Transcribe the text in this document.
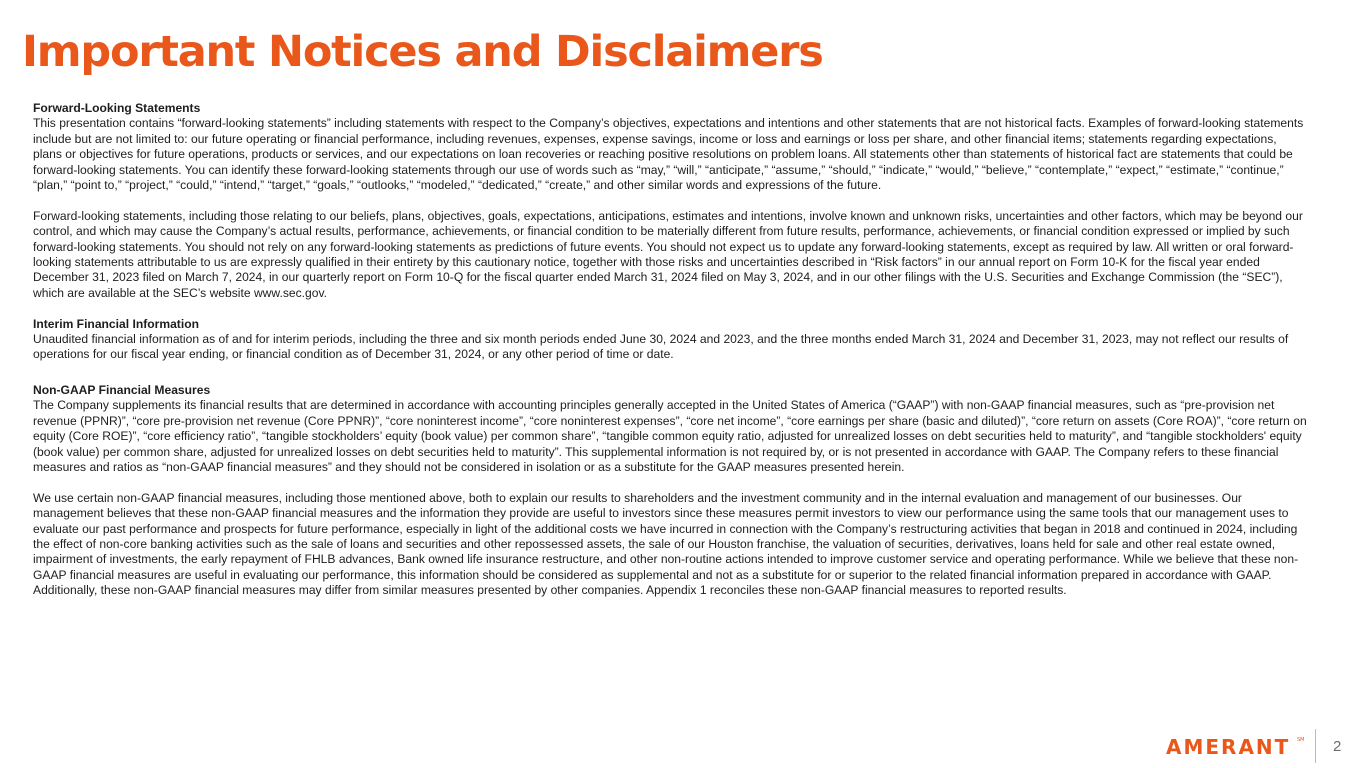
Important Notices and Disclaimers

Forward-Looking Statements

This presentation contains “forward-looking statements” including statements with respect to the Company’s objectives, expectations and intentions and other statements that are not historical facts. Examples of forward-looking statements include but are not limited to: our future operating or financial performance, including revenues, expenses, expense savings, income or loss and earnings or loss per share, and other financial items; statements regarding expectations, plans or objectives for future operations, products or services, and our expectations on loan recoveries or reaching positive resolutions on problem loans. All statements other than statements of historical fact are statements that could be forward-looking statements. You can identify these forward-looking statements through our use of words such as “may,” “will,” “anticipate,” “assume,” “should,” “indicate,” “would,” “believe,” “contemplate,” “expect,” “estimate,” “continue,” “plan,” “point to,” “project,” “could,” “intend,” “target,” “goals,” “outlooks,” “modeled,” “dedicated,” “create,” and other similar words and expressions of the future.

Forward-looking statements, including those relating to our beliefs, plans, objectives, goals, expectations, anticipations, estimates and intentions, involve known and unknown risks, uncertainties and other factors, which may be beyond our control, and which may cause the Company’s actual results, performance, achievements, or financial condition to be materially different from future results, performance, achievements, or financial condition expressed or implied by such forward-looking statements. You should not rely on any forward-looking statements as predictions of future events. You should not expect us to update any forward-looking statements, except as required by law. All written or oral forward-looking statements attributable to us are expressly qualified in their entirety by this cautionary notice, together with those risks and uncertainties described in “Risk factors” in our annual report on Form 10-K for the fiscal year ended December 31, 2023 filed on March 7, 2024, in our quarterly report on Form 10-Q for the fiscal quarter ended March 31, 2024 filed on May 3, 2024, and in our other filings with the U.S. Securities and Exchange Commission (the “SEC”), which are available at the SEC’s website www.sec.gov.

Interim Financial Information

Unaudited financial information as of and for interim periods, including the three and six month periods ended June 30, 2024 and 2023, and the three months ended March 31, 2024 and December 31, 2023, may not reflect our results of operations for our fiscal year ending, or financial condition as of December 31, 2024, or any other period of time or date.

Non-GAAP Financial Measures

The Company supplements its financial results that are determined in accordance with accounting principles generally accepted in the United States of America (“GAAP”) with non-GAAP financial measures, such as “pre-provision net revenue (PPNR)”, “core pre-provision net revenue (Core PPNR)”, “core noninterest income”, “core noninterest expenses”, “core net income”, “core earnings per share (basic and diluted)”, “core return on assets (Core ROA)”, “core return on equity (Core ROE)”, “core efficiency ratio”, “tangible stockholders’ equity (book value) per common share”, “tangible common equity ratio, adjusted for unrealized losses on debt securities held to maturity”, and “tangible stockholders' equity (book value) per common share, adjusted for unrealized losses on debt securities held to maturity”. This supplemental information is not required by, or is not presented in accordance with GAAP. The Company refers to these financial measures and ratios as “non-GAAP financial measures” and they should not be considered in isolation or as a substitute for the GAAP measures presented herein.

We use certain non-GAAP financial measures, including those mentioned above, both to explain our results to shareholders and the investment community and in the internal evaluation and management of our businesses. Our management believes that these non-GAAP financial measures and the information they provide are useful to investors since these measures permit investors to view our performance using the same tools that our management uses to evaluate our past performance and prospects for future performance, especially in light of the additional costs we have incurred in connection with the Company’s restructuring activities that began in 2018 and continued in 2024, including the effect of non-core banking activities such as the sale of loans and securities and other repossessed assets, the sale of our Houston franchise, the valuation of securities, derivatives, loans held for sale and other real estate owned, impairment of investments, the early repayment of FHLB advances, Bank owned life insurance restructure, and other non-routine actions intended to improve customer service and operating performance. While we believe that these non-GAAP financial measures are useful in evaluating our performance, this information should be considered as supplemental and not as a substitute for or superior to the related financial information prepared in accordance with GAAP. Additionally, these non-GAAP financial measures may differ from similar measures presented by other companies. Appendix 1 reconciles these non-GAAP financial measures to reported results.

AMERANT SM 2
